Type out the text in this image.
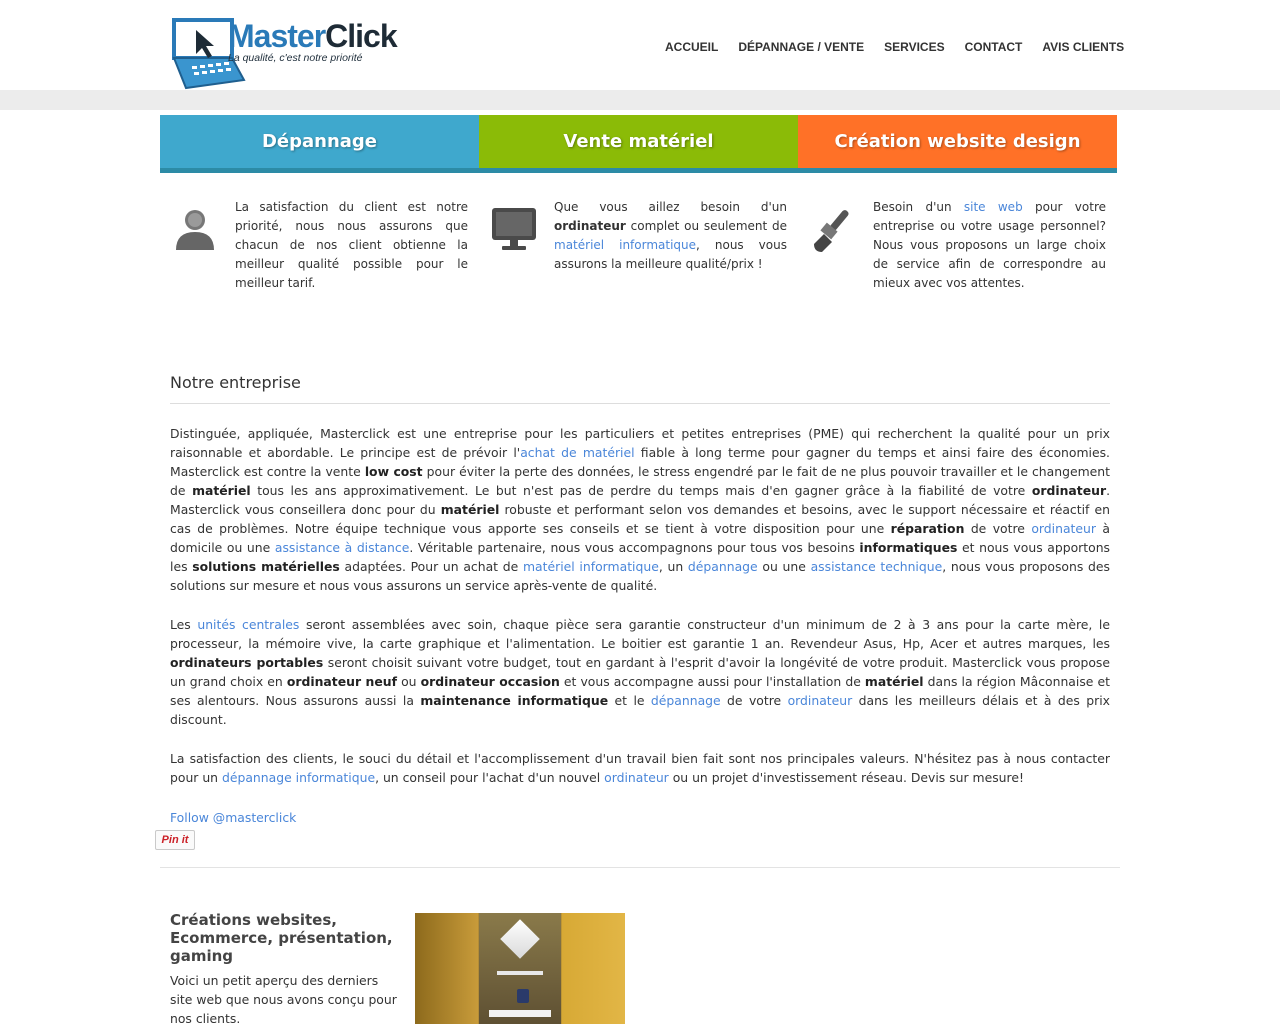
MasterClick
La qualité, c'est notre priorité
ACCUEIL DÉPANNAGE / VENTE SERVICES CONTACT AVIS CLIENTS
Dépannage	Vente matériel	Création website design

La satisfaction du client est notre priorité, nous nous assurons que chacun de nos client obtienne la meilleur qualité possible pour le meilleur tarif.

Que vous aillez besoin d'un ordinateur complet ou seulement de matériel informatique, nous vous assurons la meilleure qualité/prix !

Besoin d'un site web pour votre entreprise ou votre usage personnel? Nous vous proposons un large choix de service afin de correspondre au mieux avec vos attentes.

Notre entreprise

Distinguée, appliquée, Masterclick est une entreprise pour les particuliers et petites entreprises (PME) qui recherchent la qualité pour un prix raisonnable et abordable. Le principe est de prévoir l'achat de matériel fiable à long terme pour gagner du temps et ainsi faire des économies. Masterclick est contre la vente low cost pour éviter la perte des données, le stress engendré par le fait de ne plus pouvoir travailler et le changement de matériel tous les ans approximativement. Le but n'est pas de perdre du temps mais d'en gagner grâce à la fiabilité de votre ordinateur. Masterclick vous conseillera donc pour du matériel robuste et performant selon vos demandes et besoins, avec le support nécessaire et réactif en cas de problèmes. Notre équipe technique vous apporte ses conseils et se tient à votre disposition pour une réparation de votre ordinateur à domicile ou une assistance à distance. Véritable partenaire, nous vous accompagnons pour tous vos besoins informatiques et nous vous apportons les solutions matérielles adaptées. Pour un achat de matériel informatique, un dépannage ou une assistance technique, nous vous proposons des solutions sur mesure et nous vous assurons un service après-vente de qualité.

Les unités centrales seront assemblées avec soin, chaque pièce sera garantie constructeur d'un minimum de 2 à 3 ans pour la carte mère, le processeur, la mémoire vive, la carte graphique et l'alimentation. Le boitier est garantie 1 an. Revendeur Asus, Hp, Acer et autres marques, les ordinateurs portables seront choisit suivant votre budget, tout en gardant à l'esprit d'avoir la longévité de votre produit. Masterclick vous propose un grand choix en ordinateur neuf ou ordinateur occasion et vous accompagne aussi pour l'installation de matériel dans la région Mâconnaise et ses alentours. Nous assurons aussi la maintenance informatique et le dépannage de votre ordinateur dans les meilleurs délais et à des prix discount.

La satisfaction des clients, le souci du détail et l'accomplissement d'un travail bien fait sont nos principales valeurs. N'hésitez pas à nous contacter pour un dépannage informatique, un conseil pour l'achat d'un nouvel ordinateur ou un projet d'investissement réseau. Devis sur mesure!

Follow @masterclick
Pin it
Créations websites, Ecommerce, présentation, gaming

Voici un petit aperçu des derniers site web que nous avons conçu pour nos clients.
